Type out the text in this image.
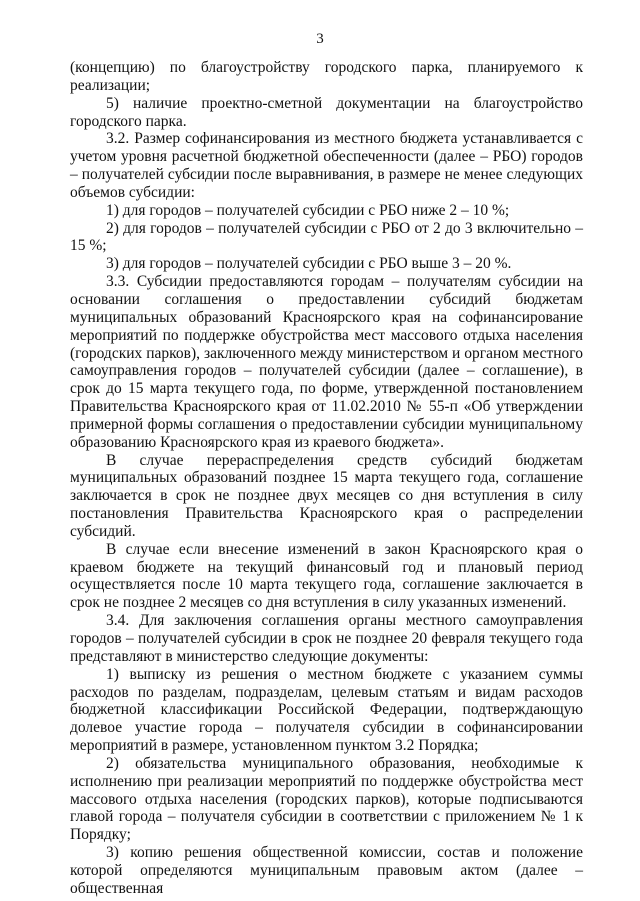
3

(концепцию) по благоустройству городского парка, планируемого к реализации;

5) наличие проектно-сметной документации на благоустройство городского парка.

3.2. Размер софинансирования из местного бюджета устанавливается с учетом уровня расчетной бюджетной обеспеченности (далее – РБО) городов – получателей субсидии после выравнивания, в размере не менее следующих объемов субсидии:

1) для городов – получателей субсидии с РБО ниже 2 – 10 %;

2) для городов – получателей субсидии с РБО от 2 до 3 включительно – 15 %;

3) для городов – получателей субсидии с РБО выше 3 – 20 %.

3.3. Субсидии предоставляются городам – получателям субсидии на основании соглашения о предоставлении субсидий бюджетам муниципальных образований Красноярского края на софинансирование мероприятий по поддержке обустройства мест массового отдыха населения (городских парков), заключенного между министерством и органом местного самоуправления городов – получателей субсидии (далее – соглашение), в срок до 15 марта текущего года, по форме, утвержденной постановлением Правительства Красноярского края от 11.02.2010 № 55-п «Об утверждении примерной формы соглашения о предоставлении субсидии муниципальному образованию Красноярского края из краевого бюджета».

В случае перераспределения средств субсидий бюджетам муниципальных образований позднее 15 марта текущего года, соглашение заключается в срок не позднее двух месяцев со дня вступления в силу постановления Правительства Красноярского края о распределении субсидий.

В случае если внесение изменений в закон Красноярского края о краевом бюджете на текущий финансовый год и плановый период осуществляется после 10 марта текущего года, соглашение заключается в срок не позднее 2 месяцев со дня вступления в силу указанных изменений.

3.4. Для заключения соглашения органы местного самоуправления городов – получателей субсидии в срок не позднее 20 февраля текущего года представляют в министерство следующие документы:

1) выписку из решения о местном бюджете с указанием суммы расходов по разделам, подразделам, целевым статьям и видам расходов бюджетной классификации Российской Федерации, подтверждающую долевое участие города – получателя субсидии в софинансировании мероприятий в размере, установленном пунктом 3.2 Порядка;

2) обязательства муниципального образования, необходимые к исполнению при реализации мероприятий по поддержке обустройства мест массового отдыха населения (городских парков), которые подписываются главой города – получателя субсидии в соответствии с приложением № 1 к Порядку;

3) копию решения общественной комиссии, состав и положение которой определяются муниципальным правовым актом (далее – общественная
